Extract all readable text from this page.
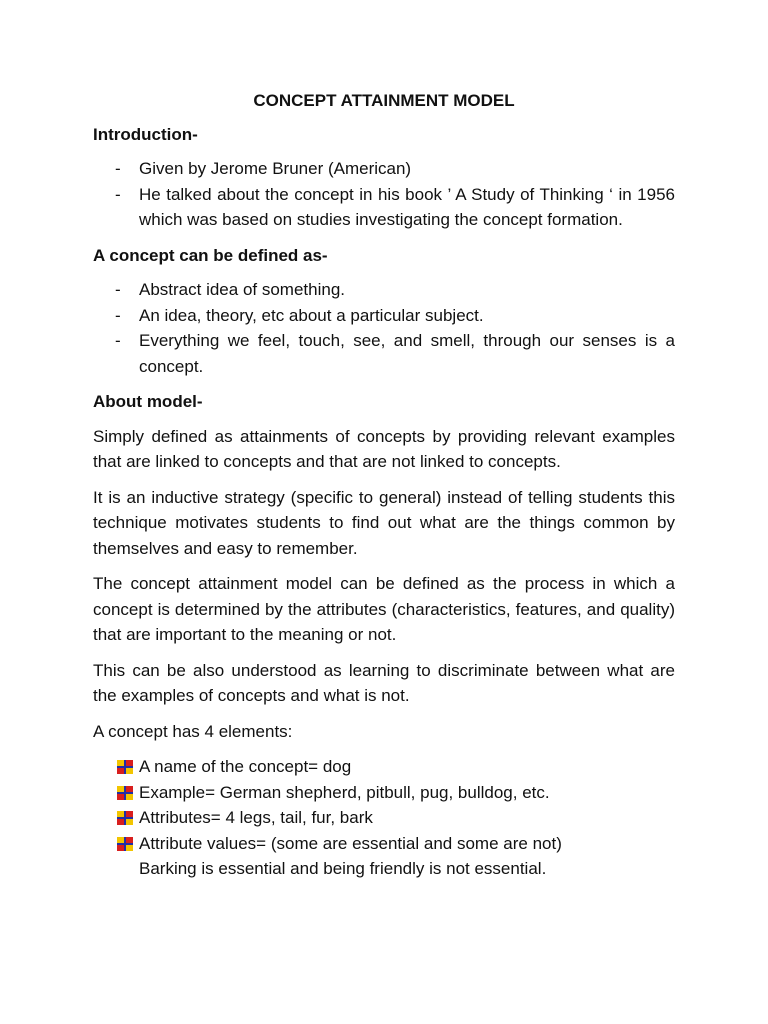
CONCEPT ATTAINMENT MODEL
Introduction-
- Given by Jerome Bruner (American)
- He talked about the concept in his book ’ A Study of Thinking ‘ in 1956 which was based on studies investigating the concept formation.
A concept can be defined as-
- Abstract idea of something.
- An idea, theory, etc about a particular subject.
- Everything we feel, touch, see, and smell, through our senses is a concept.
About model-

Simply defined as attainments of concepts by providing relevant examples that are linked to concepts and that are not linked to concepts.

It is an inductive strategy (specific to general) instead of telling students this technique motivates students to find out what are the things common by themselves and easy to remember.

The concept attainment model can be defined as the process in which a concept is determined by the attributes (characteristics, features, and quality) that are important to the meaning or not.

This can be also understood as learning to discriminate between what are the examples of concepts and what is not.

A concept has 4 elements:

A name of the concept= dog
Example= German shepherd, pitbull, pug, bulldog, etc.
Attributes= 4 legs, tail, fur, bark
Attribute values= (some are essential and some are not)
Barking is essential and being friendly is not essential.
